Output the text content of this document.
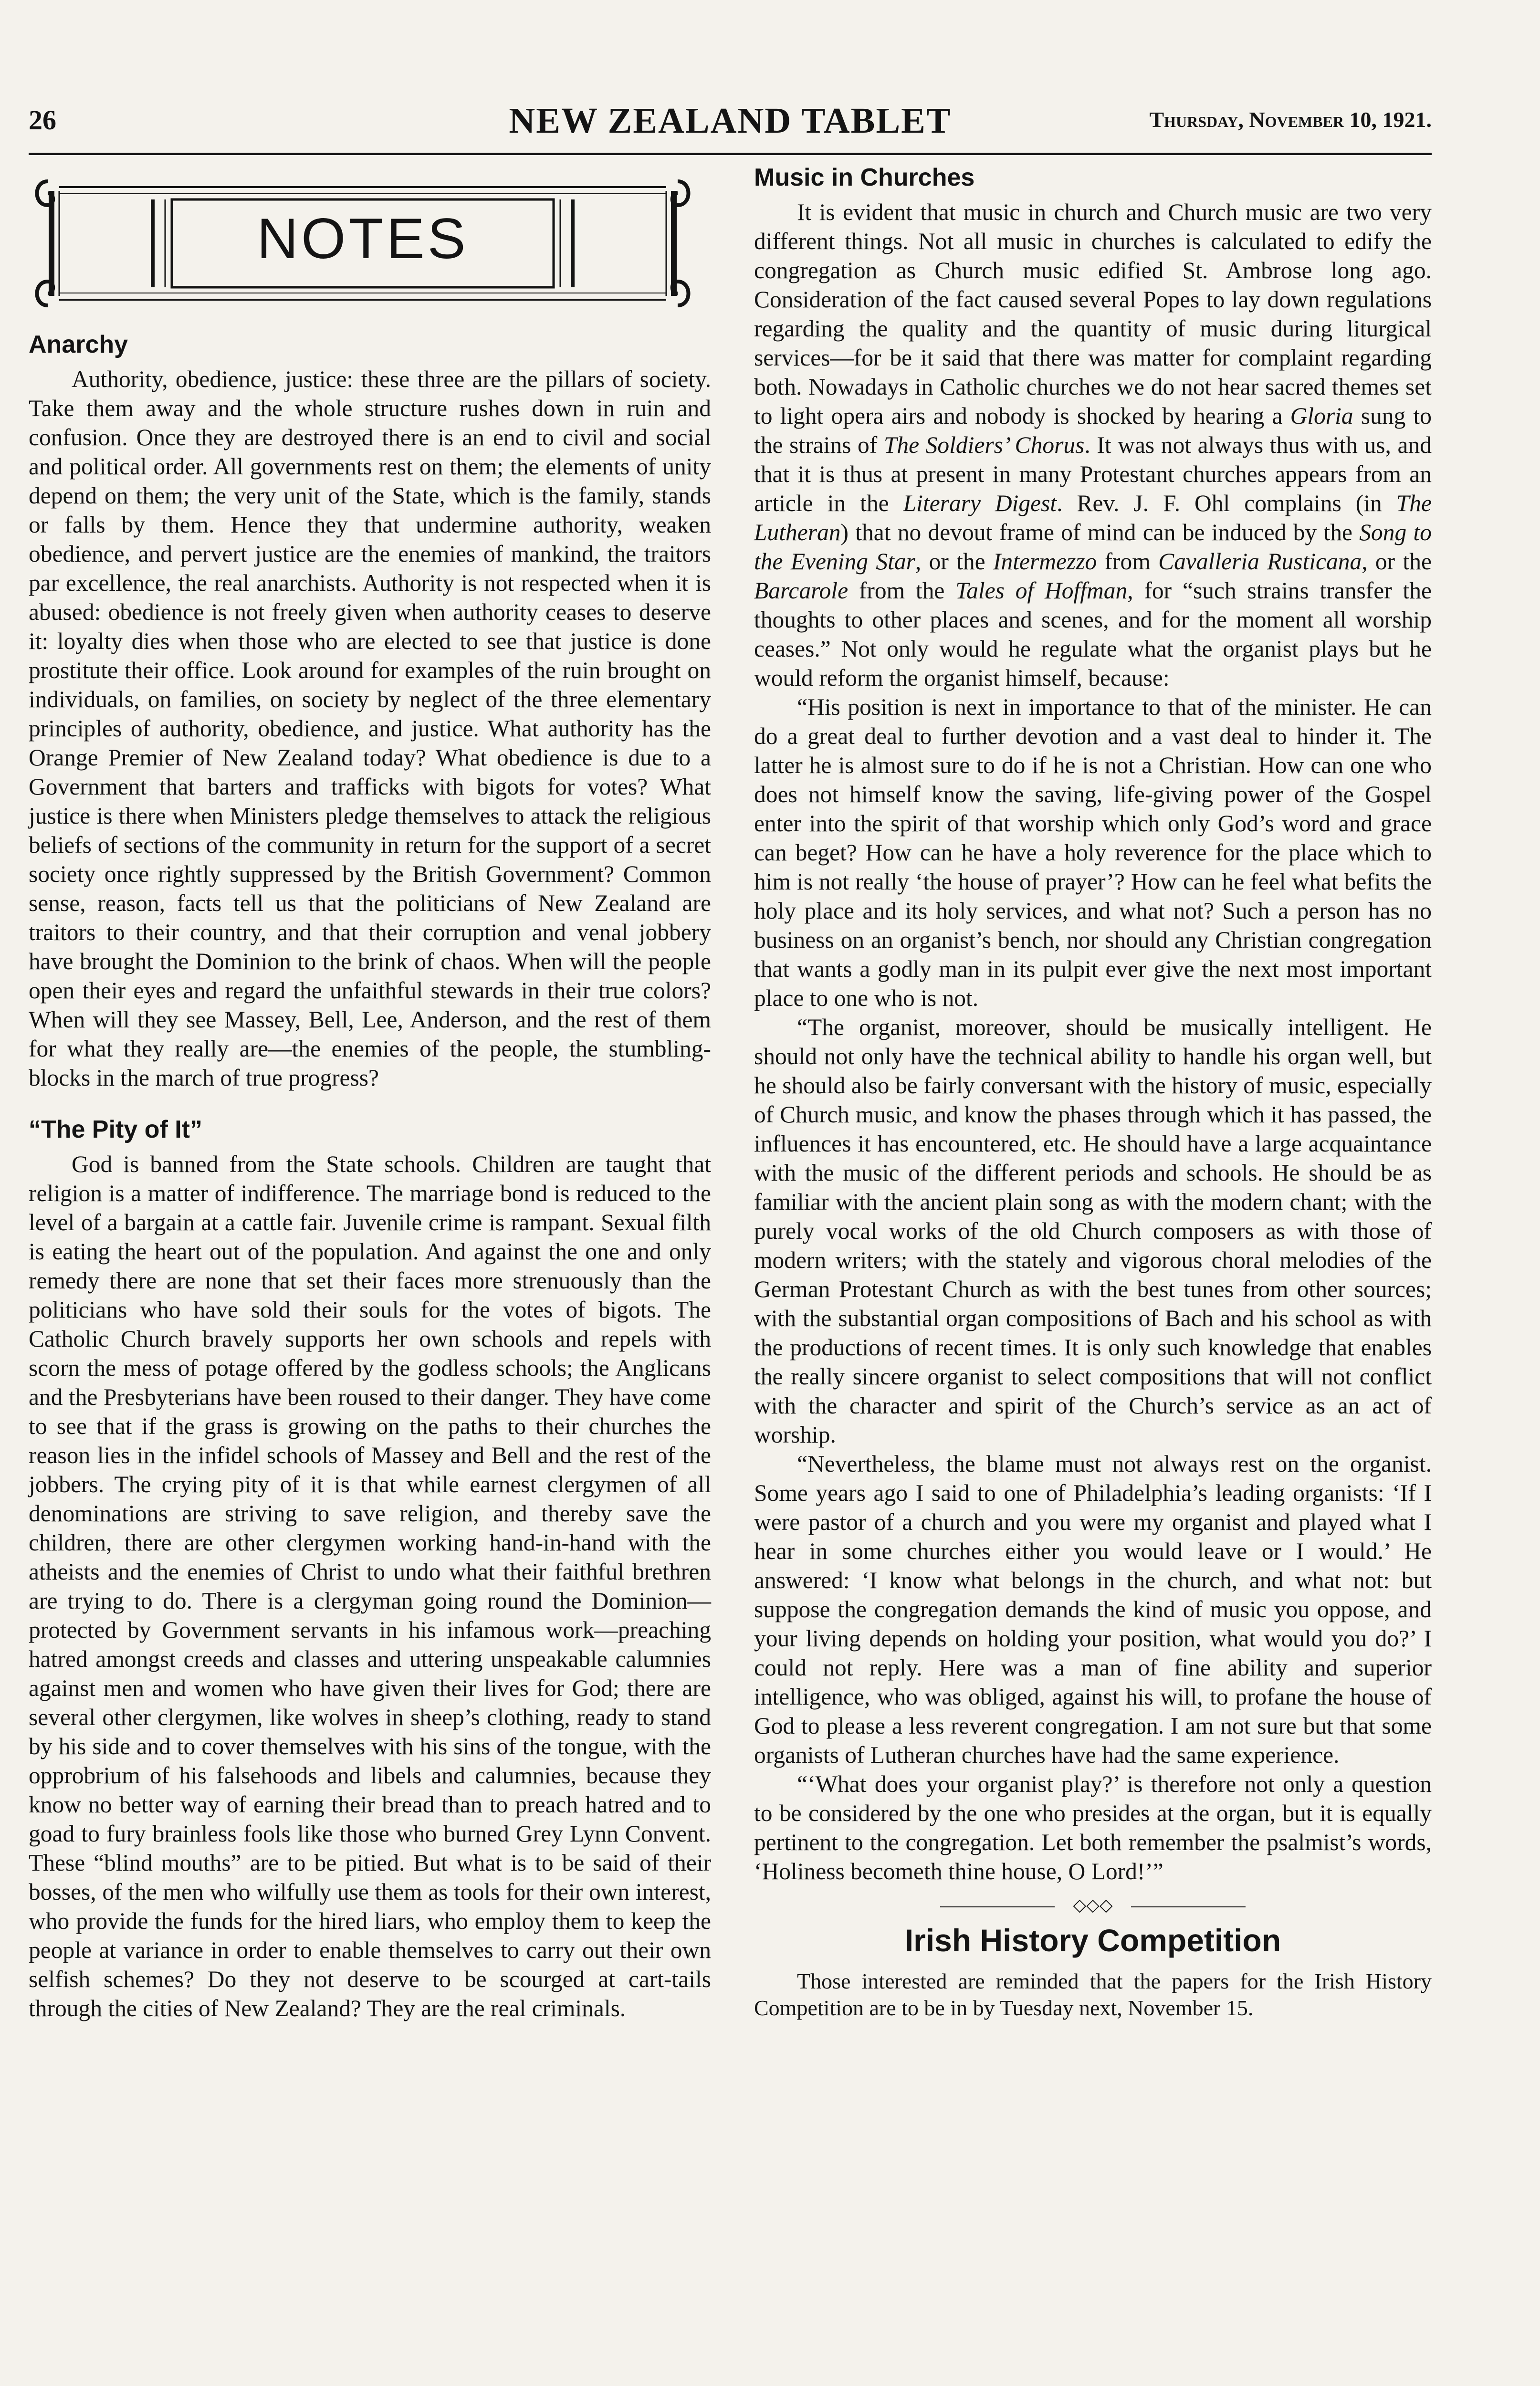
26	NEW ZEALAND TABLET	Thursday, November 10, 1921.
NOTES
Anarchy

Authority, obedience, justice: these three are the pillars of society. Take them away and the whole structure rushes down in ruin and confusion. Once they are destroyed there is an end to civil and social and political order. All governments rest on them; the elements of unity depend on them; the very unit of the State, which is the family, stands or falls by them. Hence they that undermine authority, weaken obedience, and pervert justice are the enemies of mankind, the traitors par excellence, the real anarchists. Authority is not respected when it is abused: obedience is not freely given when authority ceases to deserve it: loyalty dies when those who are elected to see that justice is done prostitute their office. Look around for examples of the ruin brought on individuals, on families, on society by neglect of the three elementary principles of authority, obedience, and justice. What authority has the Orange Premier of New Zealand today? What obedience is due to a Government that barters and trafficks with bigots for votes? What justice is there when Ministers pledge themselves to attack the religious beliefs of sections of the community in return for the support of a secret society once rightly suppressed by the British Government? Common sense, reason, facts tell us that the politicians of New Zealand are traitors to their country, and that their corruption and venal jobbery have brought the Dominion to the brink of chaos. When will the people open their eyes and regard the unfaithful stewards in their true colors? When will they see Massey, Bell, Lee, Anderson, and the rest of them for what they really are—the enemies of the people, the stumbling-blocks in the march of true progress?

“The Pity of It”

God is banned from the State schools. Children are taught that religion is a matter of indifference. The marriage bond is reduced to the level of a bargain at a cattle fair. Juvenile crime is rampant. Sexual filth is eating the heart out of the population. And against the one and only remedy there are none that set their faces more strenuously than the politicians who have sold their souls for the votes of bigots. The Catholic Church bravely supports her own schools and repels with scorn the mess of potage offered by the godless schools; the Anglicans and the Presbyterians have been roused to their danger. They have come to see that if the grass is growing on the paths to their churches the reason lies in the infidel schools of Massey and Bell and the rest of the jobbers. The crying pity of it is that while earnest clergymen of all denominations are striving to save religion, and thereby save the children, there are other clergymen working hand-in-hand with the atheists and the enemies of Christ to undo what their faithful brethren are trying to do. There is a clergyman going round the Dominion—protected by Government servants in his infamous work—preaching hatred amongst creeds and classes and uttering unspeakable calumnies against men and women who have given their lives for God; there are several other clergymen, like wolves in sheep’s clothing, ready to stand by his side and to cover themselves with his sins of the tongue, with the opprobrium of his falsehoods and libels and calumnies, because they know no better way of earning their bread than to preach hatred and to goad to fury brainless fools like those who burned Grey Lynn Convent. These “blind mouths” are to be pitied. But what is to be said of their bosses, of the men who wilfully use them as tools for their own interest, who provide the funds for the hired liars, who employ them to keep the people at variance in order to enable themselves to carry out their own selfish schemes? Do they not deserve to be scourged at cart-tails through the cities of New Zealand? They are the real criminals.

Music in Churches

It is evident that music in church and Church music are two very different things. Not all music in churches is calculated to edify the congregation as Church music edified St. Ambrose long ago. Consideration of the fact caused several Popes to lay down regulations regarding the quality and the quantity of music during liturgical services—for be it said that there was matter for complaint regarding both. Nowadays in Catholic churches we do not hear sacred themes set to light opera airs and nobody is shocked by hearing a Gloria sung to the strains of The Soldiers’ Chorus. It was not always thus with us, and that it is thus at present in many Protestant churches appears from an article in the Literary Digest. Rev. J. F. Ohl complains (in The Lutheran) that no devout frame of mind can be induced by the Song to the Evening Star, or the Intermezzo from Cavalleria Rusticana, or the Barcarole from the Tales of Hoffman, for “such strains transfer the thoughts to other places and scenes, and for the moment all worship ceases.” Not only would he regulate what the organist plays but he would reform the organist himself, because:

“His position is next in importance to that of the minister. He can do a great deal to further devotion and a vast deal to hinder it. The latter he is almost sure to do if he is not a Christian. How can one who does not himself know the saving, life-giving power of the Gospel enter into the spirit of that worship which only God’s word and grace can beget? How can he have a holy reverence for the place which to him is not really ‘the house of prayer’? How can he feel what befits the holy place and its holy services, and what not? Such a person has no business on an organist’s bench, nor should any Christian congregation that wants a godly man in its pulpit ever give the next most important place to one who is not.

“The organist, moreover, should be musically intelligent. He should not only have the technical ability to handle his organ well, but he should also be fairly conversant with the history of music, especially of Church music, and know the phases through which it has passed, the influences it has encountered, etc. He should have a large acquaintance with the music of the different periods and schools. He should be as familiar with the ancient plain song as with the modern chant; with the purely vocal works of the old Church composers as with those of modern writers; with the stately and vigorous choral melodies of the German Protestant Church as with the best tunes from other sources; with the substantial organ compositions of Bach and his school as with the productions of recent times. It is only such knowledge that enables the really sincere organist to select compositions that will not conflict with the character and spirit of the Church’s service as an act of worship.

“Nevertheless, the blame must not always rest on the organist. Some years ago I said to one of Philadelphia’s leading organists: ‘If I were pastor of a church and you were my organist and played what I hear in some churches either you would leave or I would.’ He answered: ‘I know what belongs in the church, and what not: but suppose the congregation demands the kind of music you oppose, and your living depends on holding your position, what would you do?’ I could not reply. Here was a man of fine ability and superior intelligence, who was obliged, against his will, to profane the house of God to please a less reverent congregation. I am not sure but that some organists of Lutheran churches have had the same experience.

“‘What does your organist play?’ is therefore not only a question to be considered by the one who presides at the organ, but it is equally pertinent to the congregation. Let both remember the psalmist’s words, ‘Holiness becometh thine house, O Lord!’”

◇◇◇
Irish History Competition

Those interested are reminded that the papers for the Irish History Competition are to be in by Tuesday next, November 15.
